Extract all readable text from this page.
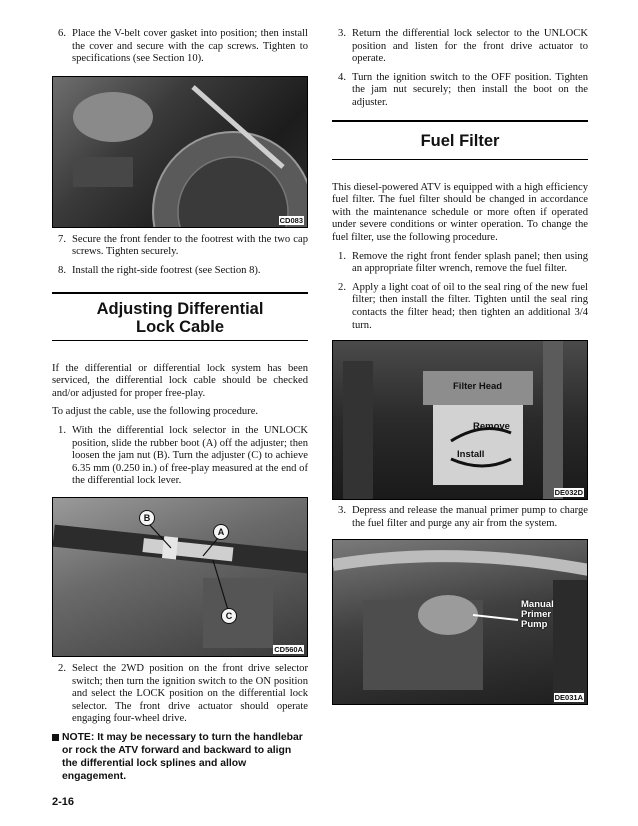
6. Place the V-belt cover gasket into position; then install the cover and secure with the cap screws. Tighten to specifications (see Section 10).
CD083
7. Secure the front fender to the footrest with the two cap screws. Tighten securely.
8. Install the right-side footrest (see Section 8).
Adjusting Differential
Lock Cable

If the differential or differential lock system has been serviced, the differential lock cable should be checked and/or adjusted for proper free-play.

To adjust the cable, use the following procedure.

1. With the differential lock selector in the UNLOCK position, slide the rubber boot (A) off the adjuster; then loosen the jam nut (B). Turn the adjuster (C) to achieve 6.35 mm (0.250 in.) of free-play measured at the end of the differential lock lever.
B
A
C
CD560A
2. Select the 2WD position on the front drive selector switch; then turn the ignition switch to the ON position and select the LOCK position on the differential lock selector. The front drive actuator should operate engaging four-wheel drive.

NOTE: It may be necessary to turn the handlebar or rock the ATV forward and backward to align the differential lock splines and allow engagement.

3. Return the differential lock selector to the UNLOCK position and listen for the front drive actuator to operate.
4. Turn the ignition switch to the OFF position. Tighten the jam nut securely; then install the boot on the adjuster.
Fuel Filter

This diesel-powered ATV is equipped with a high efficiency fuel filter. The fuel filter should be changed in accordance with the maintenance schedule or more often if operated under severe conditions or winter operation. To change the fuel filter, use the following procedure.

1. Remove the right front fender splash panel; then using an appropriate filter wrench, remove the fuel filter.
2. Apply a light coat of oil to the seal ring of the new fuel filter; then install the filter. Tighten until the seal ring contacts the filter head; then tighten an additional 3/4 turn.
Filter Head
Remove
Install
DE032D
3. Depress and release the manual primer pump to charge the fuel filter and purge any air from the system.
Manual Primer Pump
DE031A
2-16
